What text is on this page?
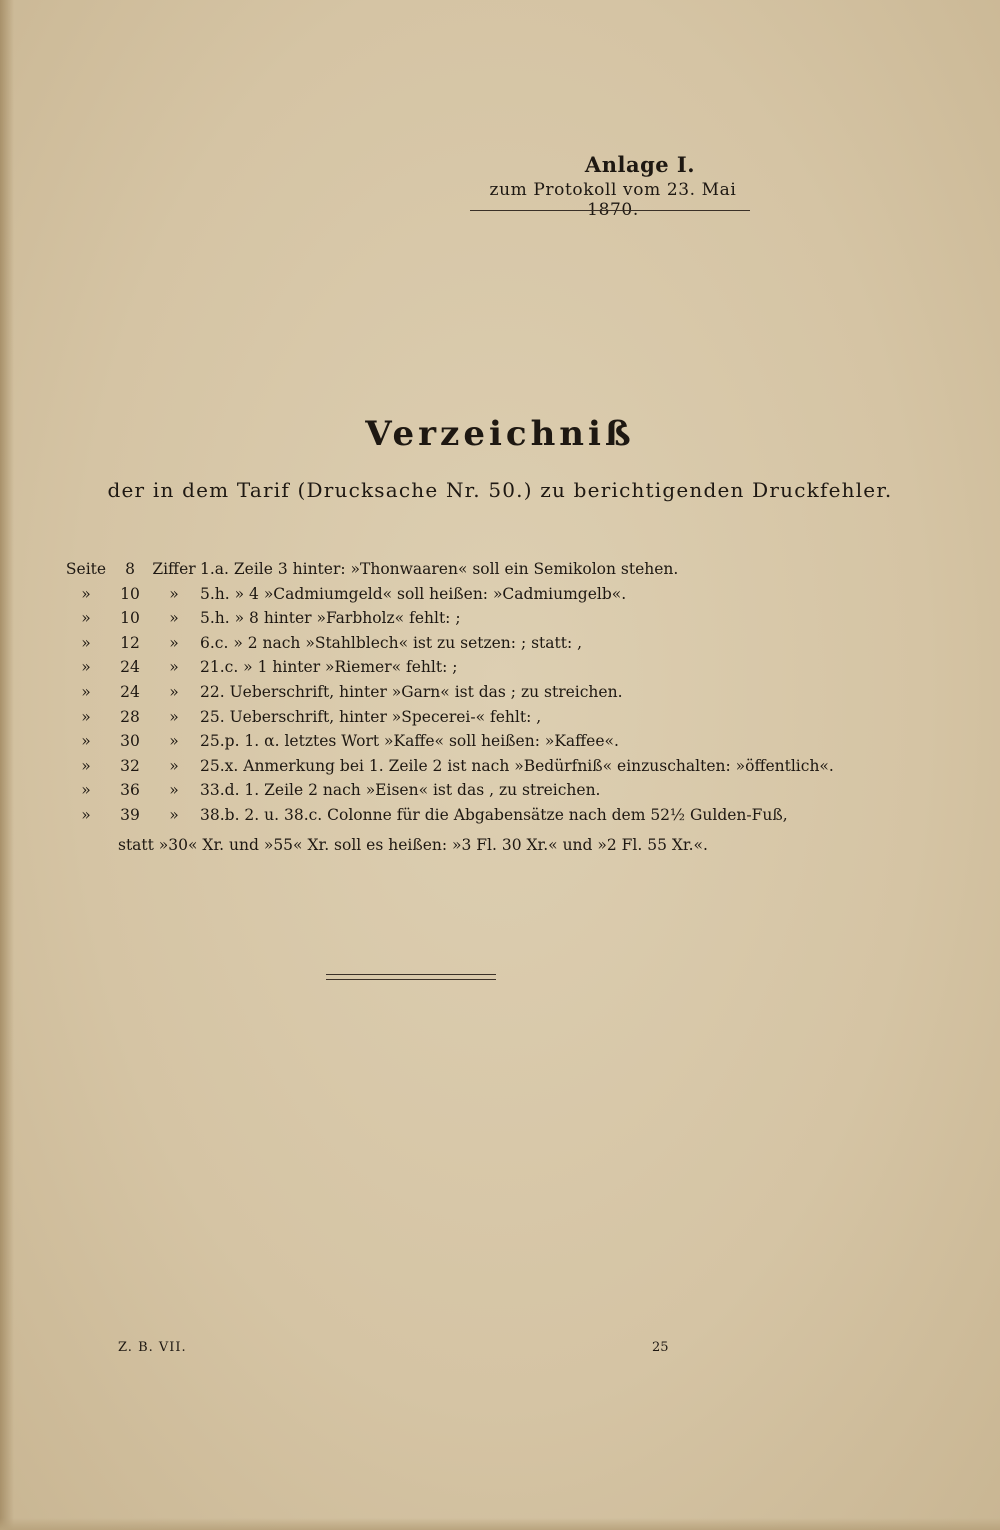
Anlage I.
zum Protokoll vom 23. Mai 1870.
Verzeichniß
der in dem Tarif (Drucksache Nr. 50.) zu berichtigenden Druckfehler.
Seite	8	Ziffer 1.a. Zeile 3 hinter: »Thonwaaren« soll ein Semikolon stehen.
»	10	»	5.h. » 4 »Cadmiumgeld« soll heißen: »Cadmiumgelb«.
»	10	»	5.h. » 8 hinter »Farbholz« fehlt: ;
»	12	»	6.c. » 2 nach »Stahlblech« ist zu setzen: ; statt: ,
»	24	»	21.c. » 1 hinter »Riemer« fehlt: ;
»	24	»	22. Ueberschrift, hinter »Garn« ist das ; zu streichen.
»	28	»	25. Ueberschrift, hinter »Specerei-« fehlt: ,
»	30	»	25.p. 1. α. letztes Wort »Kaffe« soll heißen: »Kaffee«.
»	32	»	25.x. Anmerkung bei 1. Zeile 2 ist nach »Bedürfniß« einzuschalten: »öffentlich«.
»	36	»	33.d. 1. Zeile 2 nach »Eisen« ist das , zu streichen.
»	39	»	38.b. 2. u. 38.c. Colonne für die Abgabensätze nach dem 52½ Gulden-Fuß,
statt »30« Xr. und »55« Xr. soll es heißen: »3 Fl. 30 Xr.« und »2 Fl. 55 Xr.«.
Z. B. VII.	25
